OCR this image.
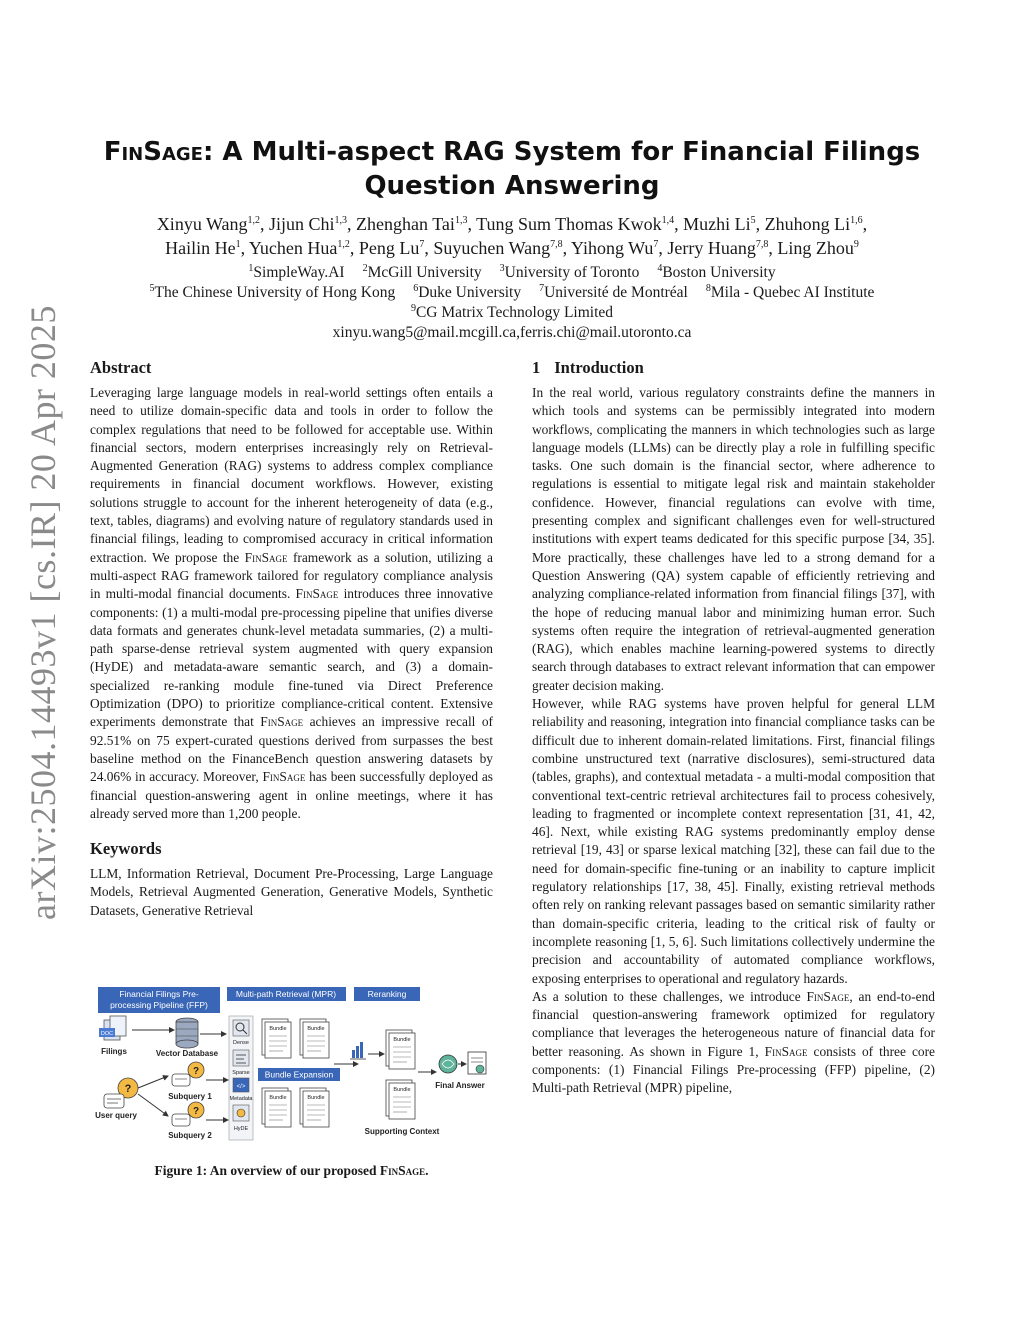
arXiv:2504.14493v1 [cs.IR] 20 Apr 2025
FinSage: A Multi-aspect RAG System for Financial Filings Question Answering
Xinyu Wang$^{1,2}$, Jijun Chi$^{1,3}$, Zhenghan Tai$^{1,3}$, Tung Sum Thomas Kwok$^{1,4}$, Muzhi Li$^5$, Zhuhong Li$^{1,6}$,
Hailin He$^1$, Yuchen Hua$^{1,2}$, Peng Lu$^7$, Suyuchen Wang$^{7,8}$, Yihong Wu$^7$, Jerry Huang$^{7,8}$, Ling Zhou$^9$
$^1$SimpleWay.AI $^2$McGill University $^3$University of Toronto $^4$Boston University
$^5$The Chinese University of Hong Kong $^6$Duke University $^7$Université de Montréal $^8$Mila - Quebec AI Institute
$^9$CG Matrix Technology Limited
xinyu.wang5@mail.mcgill.ca,ferris.chi@mail.utoronto.ca
Abstract

Leveraging large language models in real-world settings often entails a need to utilize domain-specific data and tools in order to follow the complex regulations that need to be followed for acceptable use. Within financial sectors, modern enterprises increasingly rely on Retrieval-Augmented Generation (RAG) systems to address complex compliance requirements in financial document workflows. However, existing solutions struggle to account for the inherent heterogeneity of data (e.g., text, tables, diagrams) and evolving nature of regulatory standards used in financial filings, leading to compromised accuracy in critical information extraction. We propose the FinSage framework as a solution, utilizing a multi-aspect RAG framework tailored for regulatory compliance analysis in multi-modal financial documents. FinSage introduces three innovative components: (1) a multi-modal pre-processing pipeline that unifies diverse data formats and generates chunk-level metadata summaries, (2) a multi-path sparse-dense retrieval system augmented with query expansion (HyDE) and metadata-aware semantic search, and (3) a domain-specialized re-ranking module fine-tuned via Direct Preference Optimization (DPO) to prioritize compliance-critical content. Extensive experiments demonstrate that FinSage achieves an impressive recall of 92.51% on 75 expert-curated questions derived from surpasses the best baseline method on the FinanceBench question answering datasets by 24.06% in accuracy. Moreover, FinSage has been successfully deployed as financial question-answering agent in online meetings, where it has already served more than 1,200 people.

Keywords

LLM, Information Retrieval, Document Pre-Processing, Large Language Models, Retrieval Augmented Generation, Generative Models, Synthetic Datasets, Generative Retrieval

Financial Filings Pre-
processing Pipeline (FFP)
Multi-path Retrieval (MPR)	Reranking
DOC
Filings	Vector Database
?
User query
?
Subquery 1
?
Subquery 2
Dense
Sparse
</>
Metadata
HyDE
Bundle	Bundle
Bundle Expansion
Bundle	Bundle
Bundle
Bundle
Supporting Context
Final Answer
Figure 1: An overview of our proposed FinSage.
1 Introduction

In the real world, various regulatory constraints define the manners in which tools and systems can be permissibly integrated into modern workflows, complicating the manners in which technologies such as large language models (LLMs) can be directly play a role in fulfilling specific tasks. One such domain is the financial sector, where adherence to regulations is essential to mitigate legal risk and maintain stakeholder confidence. However, financial regulations can evolve with time, presenting complex and significant challenges even for well-structured institutions with expert teams dedicated for this specific purpose [34, 35]. More practically, these challenges have led to a strong demand for a Question Answering (QA) system capable of efficiently retrieving and analyzing compliance-related information from financial filings [37], with the hope of reducing manual labor and minimizing human error. Such systems often require the integration of retrieval-augmented generation (RAG), which enables machine learning-powered systems to directly search through databases to extract relevant information that can empower greater decision making.

However, while RAG systems have proven helpful for general LLM reliability and reasoning, integration into financial compliance tasks can be difficult due to inherent domain-related limitations. First, financial filings combine unstructured text (narrative disclosures), semi-structured data (tables, graphs), and contextual metadata - a multi-modal composition that conventional text-centric retrieval architectures fail to process cohesively, leading to fragmented or incomplete context representation [31, 41, 42, 46]. Next, while existing RAG systems predominantly employ dense retrieval [19, 43] or sparse lexical matching [32], these can fail due to the need for domain-specific fine-tuning or an inability to capture implicit regulatory relationships [17, 38, 45]. Finally, existing retrieval methods often rely on ranking relevant passages based on semantic similarity rather than domain-specific criteria, leading to the critical risk of faulty or incomplete reasoning [1, 5, 6]. Such limitations collectively undermine the precision and accountability of automated compliance workflows, exposing enterprises to operational and regulatory hazards.

As a solution to these challenges, we introduce FinSage, an end-to-end financial question-answering framework optimized for regulatory compliance that leverages the heterogeneous nature of financial data for better reasoning. As shown in Figure 1, FinSage consists of three core components: (1) Financial Filings Pre-processing (FFP) pipeline, (2) Multi-path Retrieval (MPR) pipeline,
